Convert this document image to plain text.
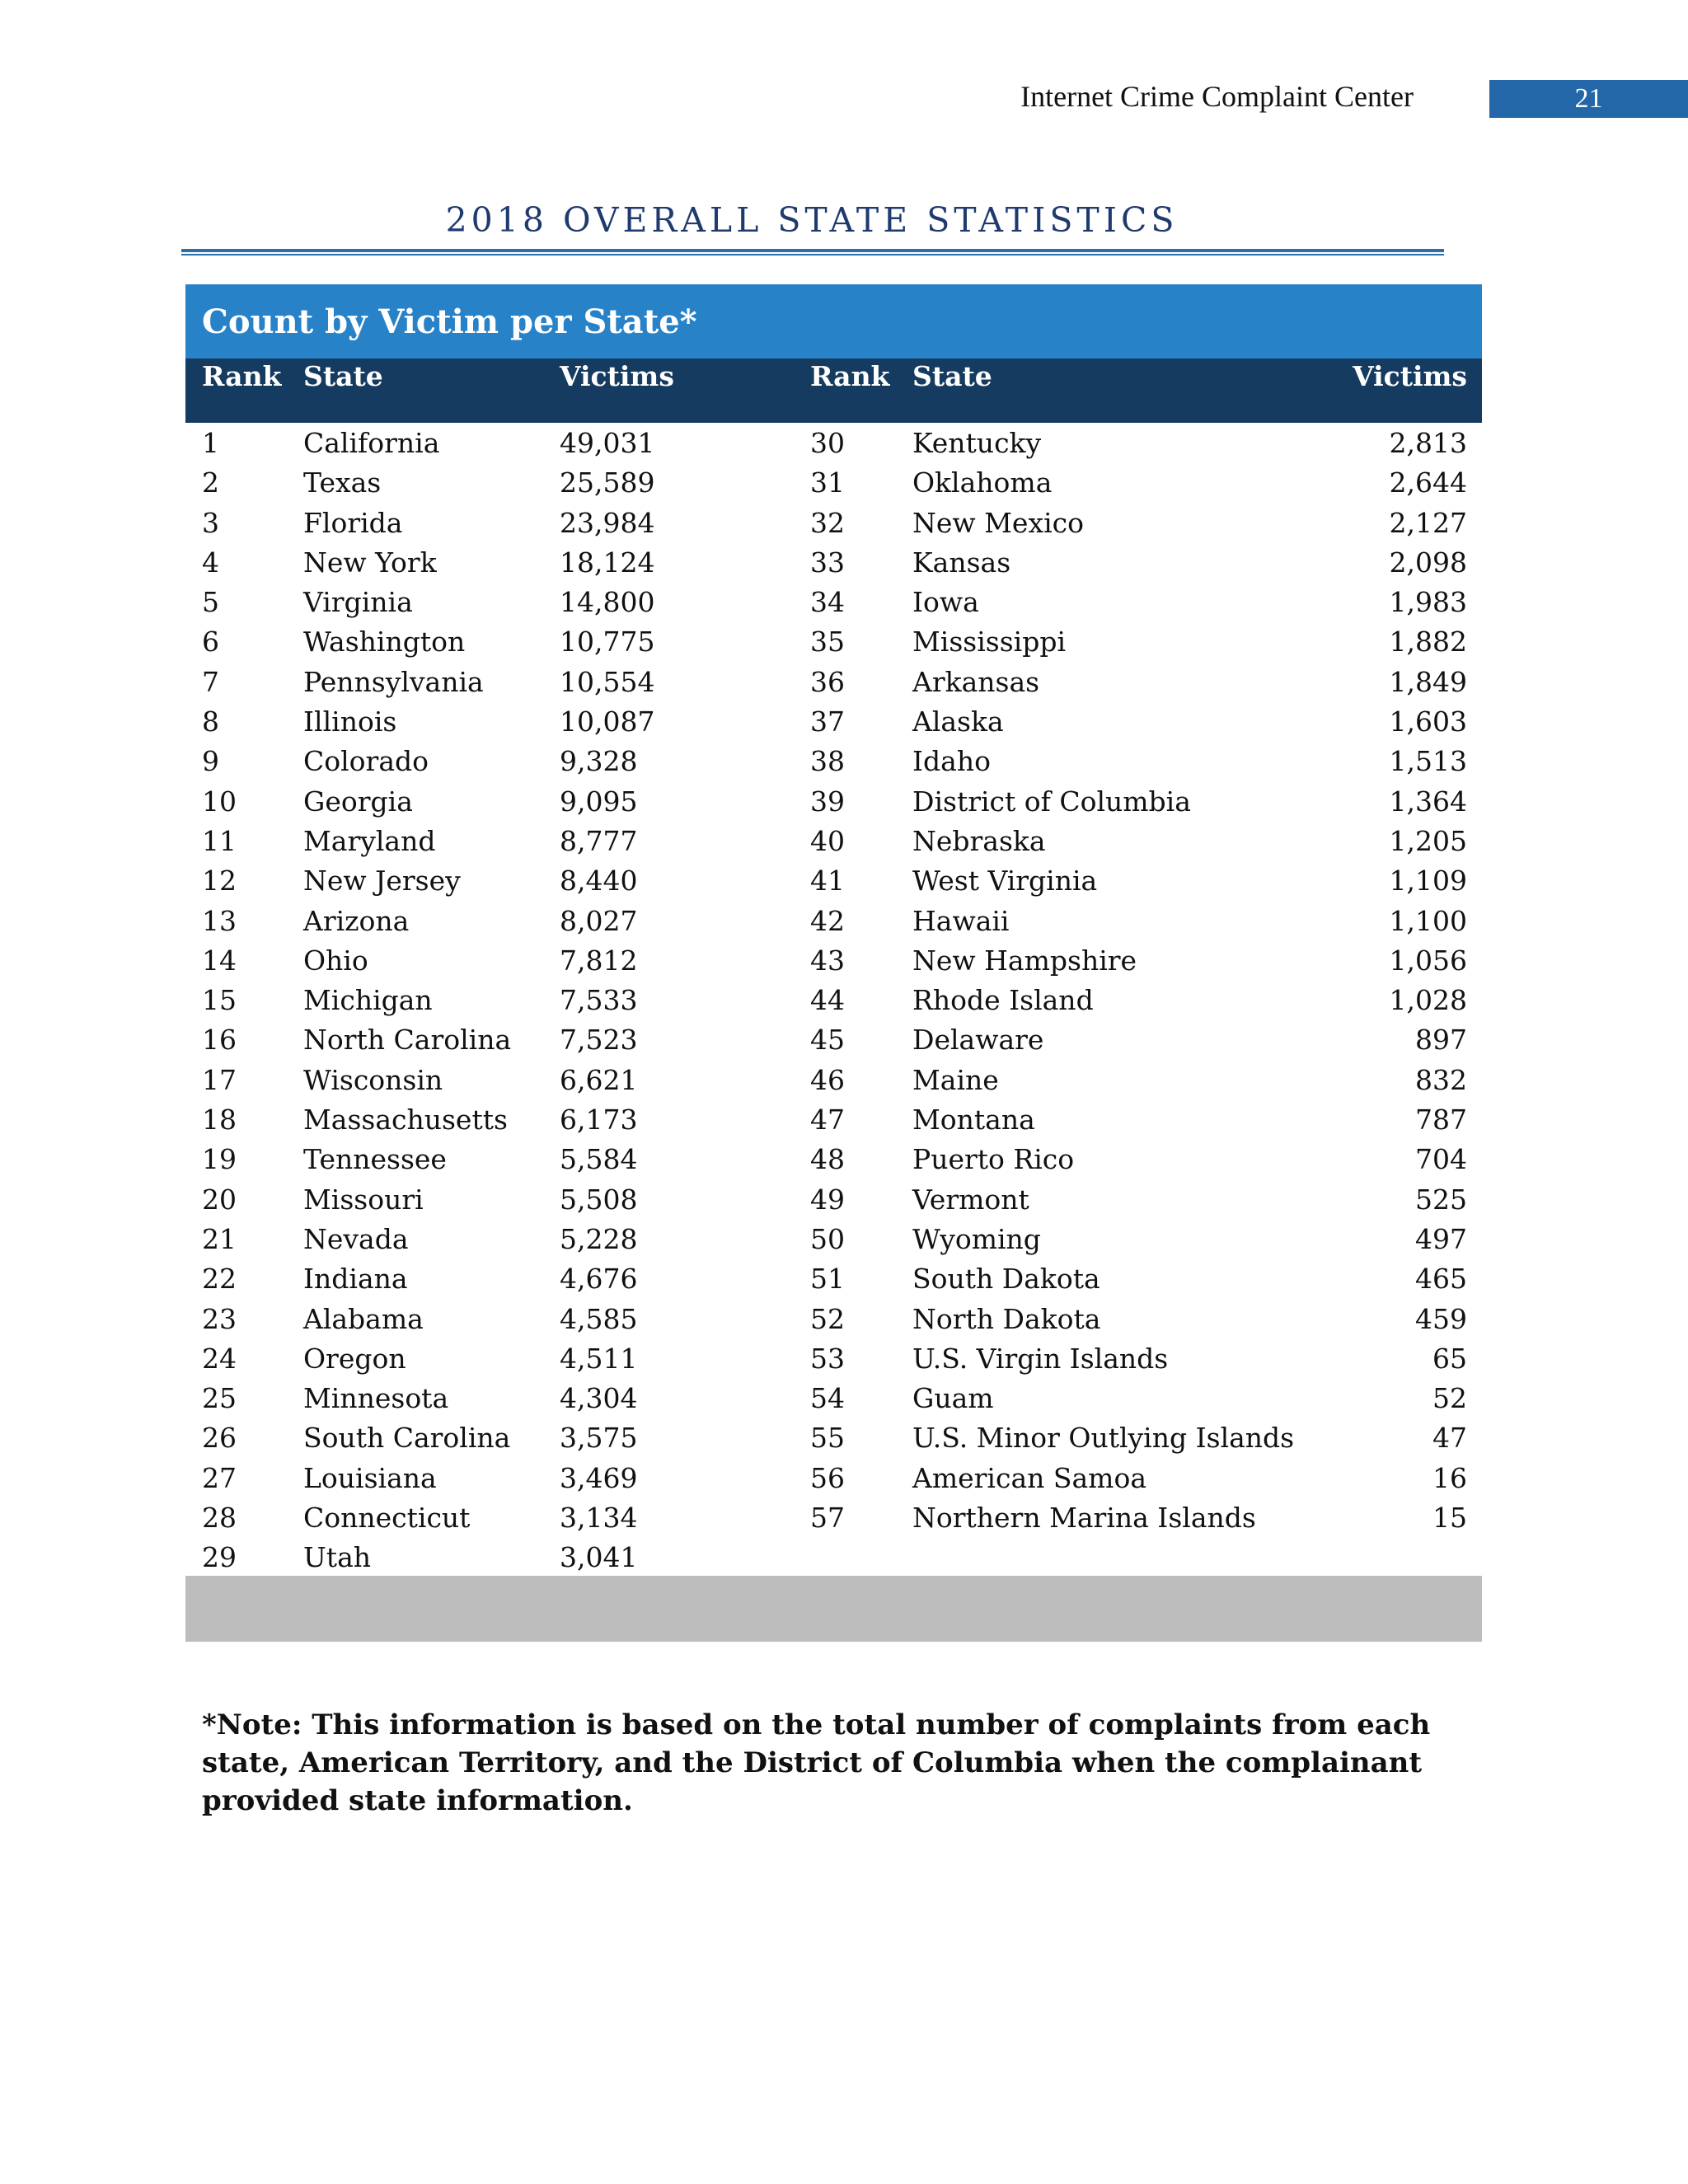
Internet Crime Complaint Center	21
2018 OVERALL STATE STATISTICS
Count by Victim per State*
Rank State	Victims	Rank State	Victims
1	California	49,031	30 Kentucky	2,813
2	Texas	25,589	31 Oklahoma	2,644
3	Florida	23,984	32 New Mexico	2,127
4	New York	18,124	33 Kansas	2,098
5	Virginia	14,800	34 Iowa	1,983
6	Washington	10,775	35 Mississippi	1,882
7	Pennsylvania	10,554	36 Arkansas	1,849
8	Illinois	10,087	37 Alaska	1,603
9	Colorado	9,328	38 Idaho	1,513
10 Georgia	9,095	39 District of Columbia	1,364
11 Maryland	8,777	40 Nebraska	1,205
12 New Jersey	8,440	41 West Virginia	1,109
13 Arizona	8,027	42 Hawaii	1,100
14 Ohio	7,812	43 New Hampshire	1,056
15 Michigan	7,533	44 Rhode Island	1,028
16 North Carolina 7,523	45 Delaware	897
17 Wisconsin	6,621	46 Maine	832
18 Massachusetts 6,173	47 Montana	787
19 Tennessee	5,584	48 Puerto Rico	704
20 Missouri	5,508	49 Vermont	525
21 Nevada	5,228	50 Wyoming	497
22 Indiana	4,676	51 South Dakota	465
23 Alabama	4,585	52 North Dakota	459
24 Oregon	4,511	53 U.S. Virgin Islands	65
25 Minnesota	4,304	54 Guam	52
26 South Carolina 3,575	55 U.S. Minor Outlying Islands	47
27 Louisiana	3,469	56 American Samoa	16
28 Connecticut	3,134	57 Northern Marina Islands	15
29 Utah	3,041
*Note: This information is based on the total number of complaints from each state, American Territory, and the District of Columbia when the complainant provided state information.
